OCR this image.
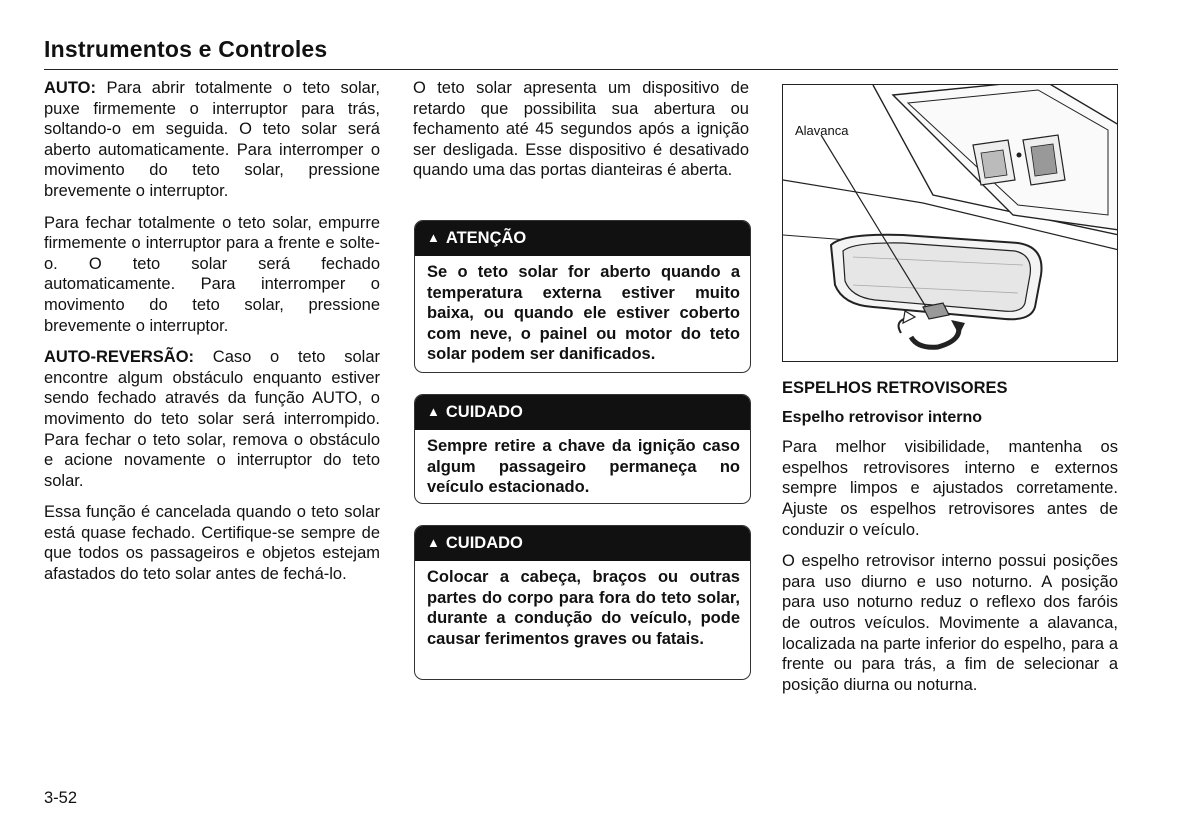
Instrumentos e Controles

AUTO: Para abrir totalmente o teto solar, puxe firmemente o interruptor para trás, soltando-o em seguida. O teto solar será aberto automaticamente. Para interromper o movimento do teto solar, pressione brevemente o interruptor.

Para fechar totalmente o teto solar, empurre firmemente o interruptor para a frente e solte-o. O teto solar será fechado automaticamente. Para interromper o movimento do teto solar, pressione brevemente o interruptor.

AUTO-REVERSÃO: Caso o teto solar encontre algum obstáculo enquanto estiver sendo fechado através da função AUTO, o movimento do teto solar será interrompido. Para fechar o teto solar, remova o obstáculo e acione novamente o interruptor do teto solar.

Essa função é cancelada quando o teto solar está quase fechado. Certifique-se sempre de que todos os passageiros e objetos estejam afastados do teto solar antes de fechá-lo.

O teto solar apresenta um dispositivo de retardo que possibilita sua abertura ou fechamento até 45 segundos após a ignição ser desligada. Esse dispositivo é desativado quando uma das portas dianteiras é aberta.

▲ ATENÇÃO
Se o teto solar for aberto quando a temperatura externa estiver muito baixa, ou quando ele estiver coberto com neve, o painel ou motor do teto solar podem ser danificados.
▲ CUIDADO
Sempre retire a chave da ignição caso algum passageiro permaneça no veículo estacionado.
▲ CUIDADO
Colocar a cabeça, braços ou outras partes do corpo para fora do teto solar, durante a condução do veículo, pode causar ferimentos graves ou fatais.
Alavanca

ESPELHOS RETROVISORES

Espelho retrovisor interno

Para melhor visibilidade, mantenha os espelhos retrovisores interno e externos sempre limpos e ajustados corretamente. Ajuste os espelhos retrovisores antes de conduzir o veículo.

O espelho retrovisor interno possui posições para uso diurno e uso noturno. A posição para uso noturno reduz o reflexo dos faróis de outros veículos. Movimente a alavanca, localizada na parte inferior do espelho, para a frente ou para trás, a fim de selecionar a posição diurna ou noturna.

3-52
